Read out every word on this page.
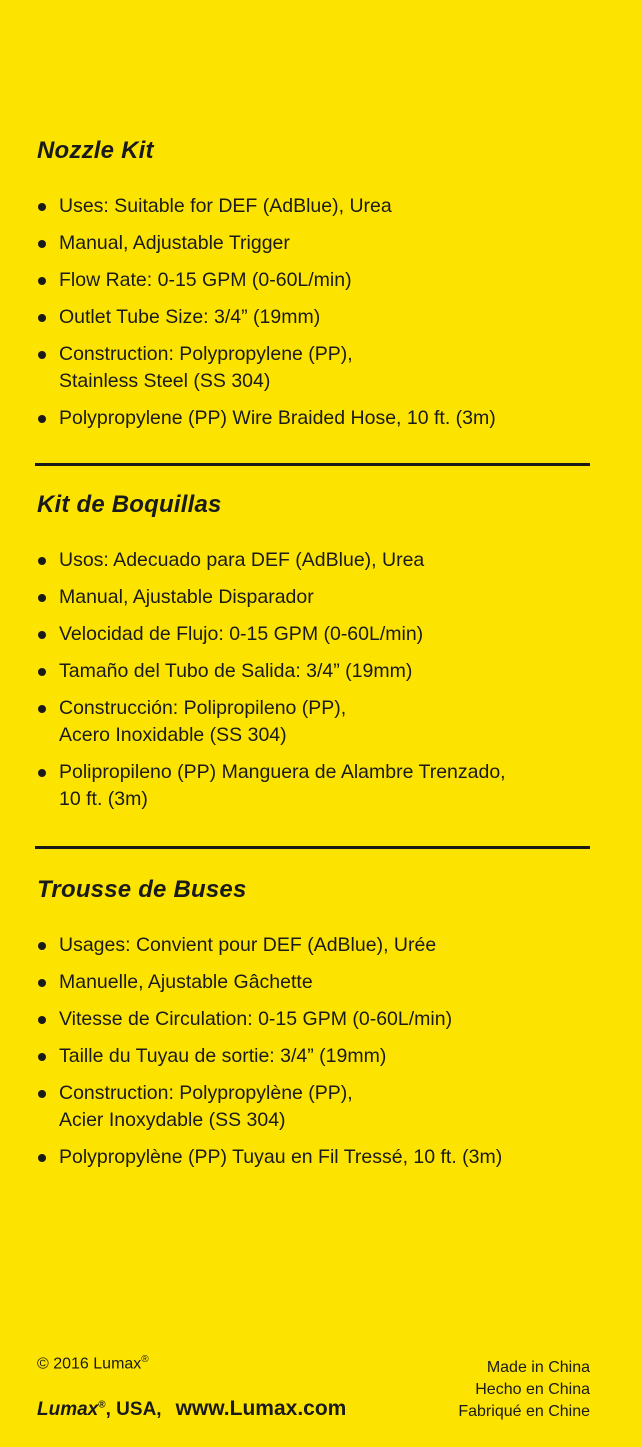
Nozzle Kit
Uses: Suitable for DEF (AdBlue), Urea
Manual, Adjustable Trigger
Flow Rate: 0-15 GPM (0-60L/min)
Outlet Tube Size: 3/4” (19mm)
Construction: Polypropylene (PP),
Stainless Steel (SS 304)
Polypropylene (PP) Wire Braided Hose, 10 ft. (3m)
Kit de Boquillas
Usos: Adecuado para DEF (AdBlue), Urea
Manual, Ajustable Disparador
Velocidad de Flujo: 0-15 GPM (0-60L/min)
Tamaño del Tubo de Salida: 3/4” (19mm)
Construcción: Polipropileno (PP),
Acero Inoxidable (SS 304)
Polipropileno (PP) Manguera de Alambre Trenzado,
10 ft. (3m)
Trousse de Buses
Usages: Convient pour DEF (AdBlue), Urée
Manuelle, Ajustable Gâchette
Vitesse de Circulation: 0-15 GPM (0-60L/min)
Taille du Tuyau de sortie: 3/4” (19mm)
Construction: Polypropylène (PP),
Acier Inoxydable (SS 304)
Polypropylène (PP) Tuyau en Fil Tressé, 10 ft. (3m)
© 2016 Lumax®
Lumax®, USA, www.Lumax.com
Made in China
Hecho en China
Fabriqué en Chine
